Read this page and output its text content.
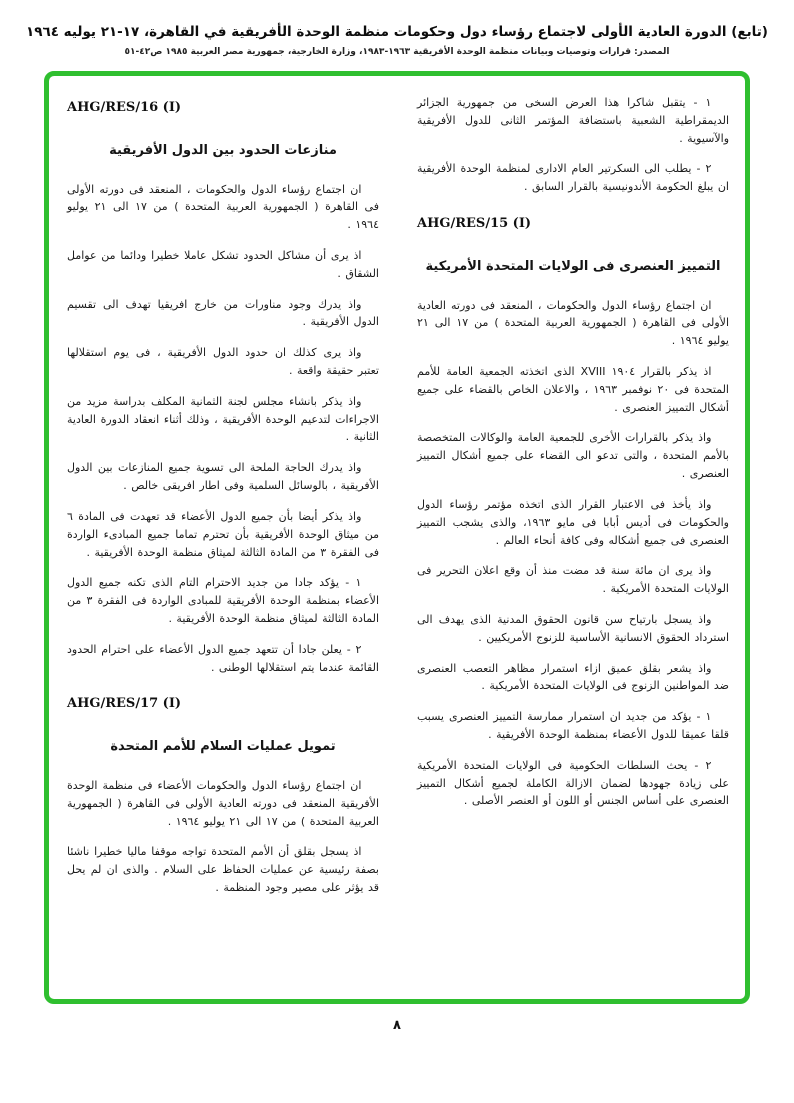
(تابع) الدورة العادية الأولى لاجتماع رؤساء دول وحكومات منظمة الوحدة الأفريقية في القاهرة، ١٧-٢١ يوليه ١٩٦٤
المصدر: قرارات وتوصيات وبيانات منظمة الوحدة الأفريقية ١٩٦٣-١٩٨٣، وزارة الخارجية، جمهورية مصر العربية ١٩٨٥ ص٤٢-٥١
AHG/RES/16 (I)
منازعات الحدود بين الدول الأفريقية

ان اجتماع رؤساء الدول والحكومات ، المنعقد فى دورته الأولى فى القاهرة ( الجمهورية العربية المتحدة ) من ١٧ الى ٢١ يوليو ١٩٦٤ .

اذ يرى أن مشاكل الحدود تشكل عاملا خطيرا ودائما من عوامل الشقاق .

واذ يدرك وجود مناورات من خارج افريقيا تهدف الى تقسيم الدول الأفريقية .

واذ يرى كذلك ان حدود الدول الأفريقية ، فى يوم استقلالها تعتبر حقيقة واقعة .

واذ يذكر بانشاء مجلس لجنة الثمانية المكلف بدراسة مزيد من الاجراءات لتدعيم الوحدة الأفريقية ، وذلك أثناء انعقاد الدورة العادية الثانية .

واذ يدرك الحاجة الملحة الى تسوية جميع المنازعات بين الدول الأفريقية ، بالوسائل السلمية وفى اطار افريقى خالص .

واذ يذكر أيضا بأن جميع الدول الأعضاء قد تعهدت فى المادة ٦ من ميثاق الوحدة الأفريقية بأن تحترم تماما جميع المبادىء الواردة فى الفقرة ٣ من المادة الثالثة لميثاق منظمة الوحدة الأفريقية .

١ - يؤكد جادا من جديد الاحترام التام الذى تكنه جميع الدول الأعضاء بمنظمة الوحدة الأفريقية للمبادى الواردة فى الفقرة ٣ من المادة الثالثة لميثاق منظمة الوحدة الأفريقية .

٢ - يعلن جادا أن تتعهد جميع الدول الأعضاء على احترام الحدود القائمة عندما يتم استقلالها الوطنى .

AHG/RES/17 (I)
تمويل عمليات السلام للأمم المتحدة

ان اجتماع رؤساء الدول والحكومات الأعضاء فى منظمة الوحدة الأفريقية المنعقد فى دورته العادية الأولى فى القاهرة ( الجمهورية العربية المتحدة ) من ١٧ الى ٢١ يوليو ١٩٦٤ .

اذ يسجل بقلق أن الأمم المتحدة تواجه موقفا ماليا خطيرا ناشئا بصفة رئيسية عن عمليات الحفاظ على السلام . والذى ان لم يحل قد يؤثر على مصير وجود المنظمة .

١ - يتقبل شاكرا هذا العرض السخى من جمهورية الجزائر الديمقراطية الشعبية باستضافة المؤتمر الثانى للدول الأفريقية والآسيوية .

٢ - يطلب الى السكرتير العام الادارى لمنظمة الوحدة الأفريقية ان يبلغ الحكومة الأندونيسية بالقرار السابق .

AHG/RES/15 (I)
التمييز العنصرى فى الولايات المتحدة الأمريكية

ان اجتماع رؤساء الدول والحكومات ، المنعقد فى دورته العادية الأولى فى القاهرة ( الجمهورية العربية المتحدة ) من ١٧ الى ٢١ يوليو ١٩٦٤ .

اذ يذكر بالقرار ١٩٠٤ XVIII الذى اتخذته الجمعية العامة للأمم المتحدة فى ٢٠ نوفمبر ١٩٦٣ ، والاعلان الخاص بالقضاء على جميع أشكال التمييز العنصرى .

واذ يذكر بالقرارات الأخرى للجمعية العامة والوكالات المتخصصة بالأمم المتحدة ، والتى تدعو الى القضاء على جميع أشكال التمييز العنصرى .

واذ يأخذ فى الاعتبار القرار الذى اتخذه مؤتمر رؤساء الدول والحكومات فى أديس أبابا فى مايو ١٩٦٣، والذى يشجب التمييز العنصرى فى جميع أشكاله وفى كافة أنحاء العالم .

واذ يرى ان مائة سنة قد مضت منذ أن وقع اعلان التحرير فى الولايات المتحدة الأمريكية .

واذ يسجل بارتياح سن قانون الحقوق المدنية الذى يهدف الى استرداد الحقوق الانسانية الأساسية للزنوج الأمريكيين .

واذ يشعر بقلق عميق ازاء استمرار مظاهر التعصب العنصرى ضد المواطنين الزنوج فى الولايات المتحدة الأمريكية .

١ - يؤكد من جديد ان استمرار ممارسة التمييز العنصرى يسبب قلقا عميقا للدول الأعضاء بمنظمة الوحدة الأفريقية .

٢ - يحث السلطات الحكومية فى الولايات المتحدة الأمريكية على زيادة جهودها لضمان الازالة الكاملة لجميع أشكال التمييز العنصرى على أساس الجنس أو اللون أو العنصر الأصلى .

٨
